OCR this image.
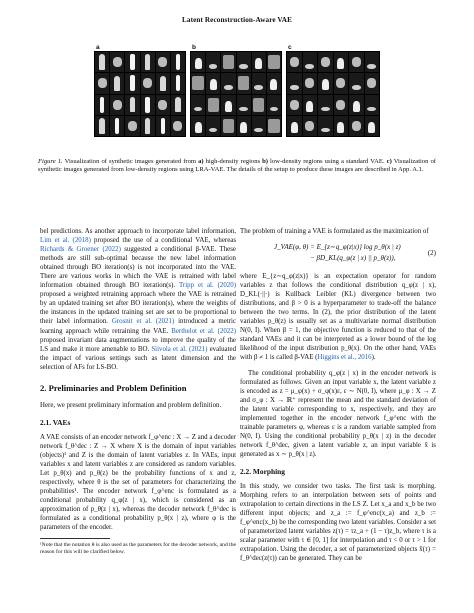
Latent Reconstruction-Aware VAE
a	b	c
Figure 1. Visualization of synthetic images generated from a) high-density regions b) low-density regions using a standard VAE. c) Visualization of synthetic images generated from low-density regions using LRA-VAE. The details of the setup to produce these images are described in App. A.1.

bel predictions. As another approach to incorporate label information, Lim et al. (2018) proposed the use of a conditional VAE, whereas Richards & Groener (2022) suggested a conditional β-VAE. These methods are still sub-optimal because the new label information obtained through BO iteration(s) is not incorporated into the VAE. There are various works in which the VAE is retrained with label information obtained through BO iteration(s). Tripp et al. (2020) proposed a weighted retraining approach where the VAE is retrained by an updated training set after BO iteration(s), where the weights of the instances in the updated training set are set to be proportional to their label information. Grosnit et al. (2021) introduced a metric learning approach while retraining the VAE. Berthelot et al. (2022) proposed invariant data augmentations to improve the quality of the LS and make it more amenable to BO. Siivola et al. (2021) evaluated the impact of various settings such as latent dimension and the selection of AFs for LS-BO.

2. Preliminaries and Problem Definition

Here, we present preliminary information and problem definition.

2.1. VAEs

A VAE consists of an encoder network f_φ^enc : X → Z and a decoder network f_θ^dec : Z → X where X is the domain of input variables (objects)¹ and Z is the domain of latent variables z. In VAEs, input variables x and latent variables z are considered as random variables. Let p_θ(x) and p_θ(z) be the probability functions of x and z, respectively, where θ is the set of parameters for characterizing the probabilities¹. The encoder network f_φ^enc is formulated as a conditional probability q_φ(z | x), which is considered as an approximation of p_θ(z | x), whereas the decoder network f_θ^dec is formulated as a conditional probability p_θ(x | z), where φ is the parameters of the encoder.

¹Note that the notation θ is also used as the parameters for the decoder network, and the reason for this will be clarified below.

The problem of training a VAE is formulated as the maximization of

J_VAE(φ, θ) = E_{z∼q_φ(z|x)} log p_θ(x | z)
− βD_KL(q_φ(z | x) || p_θ(z)),
(2)

where E_{z∼q_φ(z|x)} is an expectation operator for random variables z that follows the conditional distribution q_φ(z | x), D_KL(·||·) is Kullback Leibler (KL) divergence between two distributions, and β > 0 is a hyperparameter to trade-off the balance between the two terms. In (2), the prior distribution of the latent variables p_θ(z) is usually set as a multivariate normal distribution N(0, I). When β = 1, the objective function is reduced to that of the standard VAEs and it can be interpreted as a lower bound of the log likelihood of the input distribution p_θ(x). On the other hand, VAEs with β ≠ 1 is called β-VAE (Higgins et al., 2016).

The conditional probability q_φ(z | x) in the encoder network is formulated as follows. Given an input variable x, the latent variable z is encoded as z = μ_φ(x) + σ_φ(x)ε, ε ∼ N(0, I), where μ_φ : X → Z and σ_φ : X → ℝ⁺ represent the mean and the standard deviation of the latent variable corresponding to x, respectively, and they are implemented together in the encoder network f_φ^enc with the trainable parameters φ, whereas ε is a random variable sampled from N(0, I). Using the conditional probability p_θ(x | z) in the decoder network f_θ^dec, given a latent variable z, an input variable x̂ is generated as x ∼ p_θ(x | z).

2.2. Morphing

In this study, we consider two tasks. The first task is morphing. Morphing refers to an interpolation between sets of points and extrapolation to certain directions in the LS Z. Let x_a and x_b be two different input objects; and z_a := f_φ^enc(x_a) and z_b := f_φ^enc(x_b) be the corresponding two latent variables. Consider a set of parameterized latent variables z(τ) = τz_a + (1 − τ)z_b, where τ is a scalar parameter with τ ∈ [0, 1] for interpolation and τ < 0 or τ > 1 for extrapolation. Using the decoder, a set of parameterized objects x̂(τ) = f_θ^dec(z(τ)) can be generated. They can be
